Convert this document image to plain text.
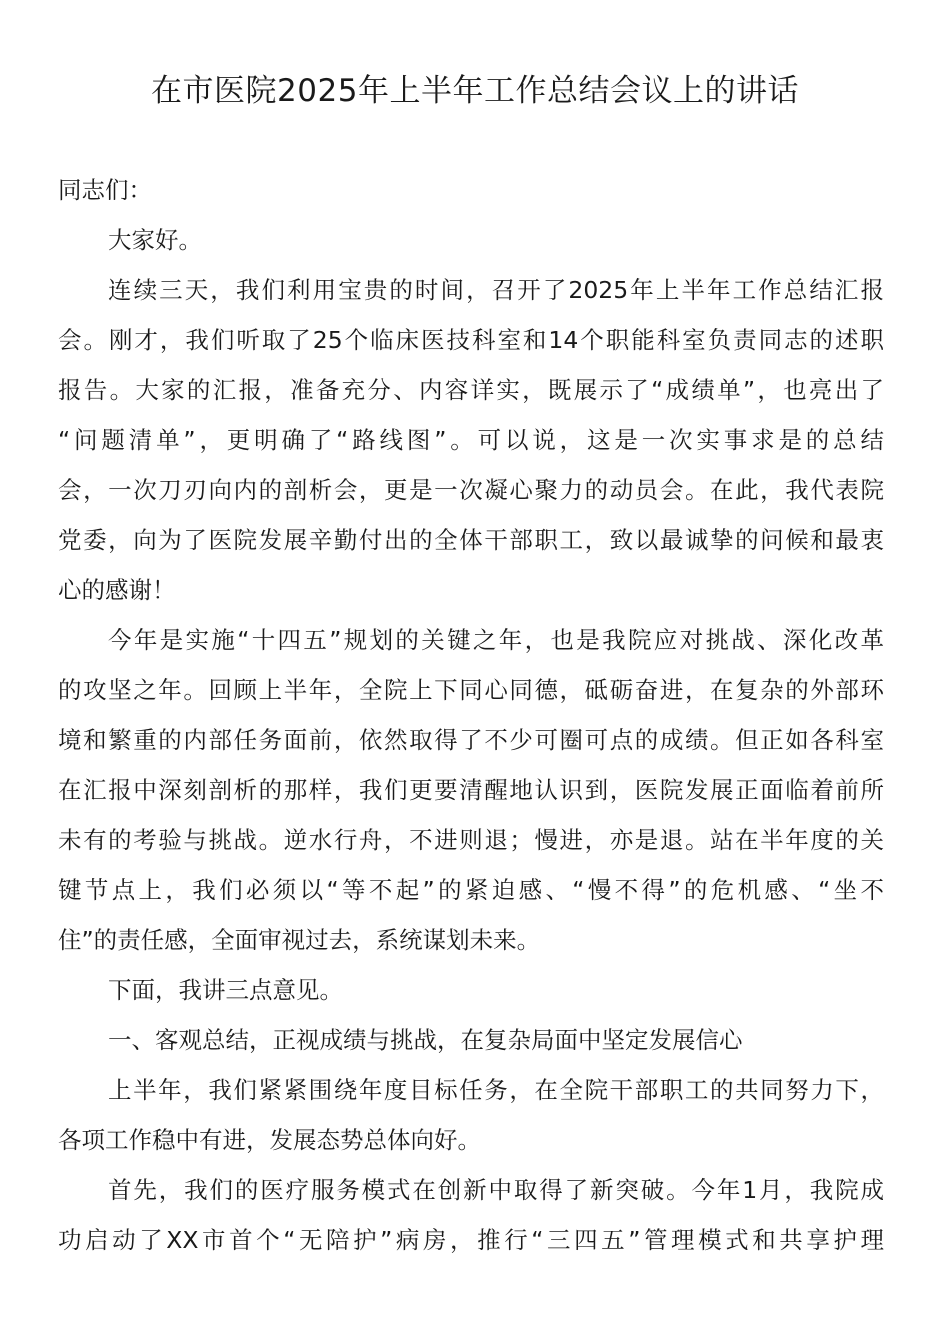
在市医院2025年上半年工作总结会议上的讲话
同志们：
大家好。
连续三天，我们利用宝贵的时间，召开了2025年上半年工作总结汇报
会。刚才，我们听取了25个临床医技科室和14个职能科室负责同志的述职
报告。大家的汇报，准备充分、内容详实，既展示了“成绩单”，也亮出了
“问题清单”，更明确了“路线图”。可以说，这是一次实事求是的总结
会，一次刀刃向内的剖析会，更是一次凝心聚力的动员会。在此，我代表院
党委，向为了医院发展辛勤付出的全体干部职工，致以最诚挚的问候和最衷
心的感谢！
今年是实施“十四五”规划的关键之年，也是我院应对挑战、深化改革
的攻坚之年。回顾上半年，全院上下同心同德，砥砺奋进，在复杂的外部环
境和繁重的内部任务面前，依然取得了不少可圈可点的成绩。但正如各科室
在汇报中深刻剖析的那样，我们更要清醒地认识到，医院发展正面临着前所
未有的考验与挑战。逆水行舟，不进则退；慢进，亦是退。站在半年度的关
键节点上，我们必须以“等不起”的紧迫感、“慢不得”的危机感、“坐不
住”的责任感，全面审视过去，系统谋划未来。
下面，我讲三点意见。
一、客观总结，正视成绩与挑战，在复杂局面中坚定发展信心
上半年，我们紧紧围绕年度目标任务，在全院干部职工的共同努力下，
各项工作稳中有进，发展态势总体向好。
首先，我们的医疗服务模式在创新中取得了新突破。今年1月，我院成
功启动了XX市首个“无陪护”病房，推行“三四五”管理模式和共享护理
